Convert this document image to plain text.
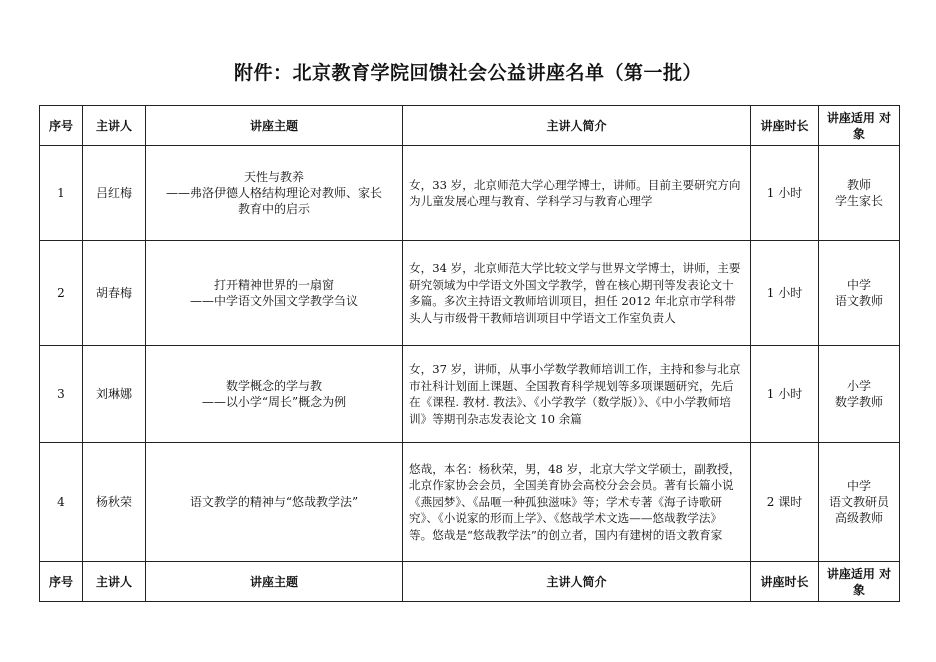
附件：北京教育学院回馈社会公益讲座名单（第一批）
序号	主讲人	讲座主题	主讲人简介	讲座时长	讲座适用 对象
1	吕红梅	天性与教养
——弗洛伊德人格结构理论对教师、家长
教育中的启示	女，33 岁，北京师范大学心理学博士，讲师。目前主要研究方向为儿童发展心理与教育、学科学习与教育心理学	1 小时	教师
学生家长

2	胡春梅	打开精神世界的一扇窗
——中学语文外国文学教学刍议	女，34 岁，北京师范大学比较文学与世界文学博士，讲师，主要研究领域为中学语文外国文学教学，曾在核心期刊等发表论文十多篇。多次主持语文教师培训项目，担任 2012 年北京市学科带头人与市级骨干教师培训项目中学语文工作室负责人	1 小时	中学
语文教师

3	刘琳娜	数学概念的学与教
——以小学“周长”概念为例	女，37 岁，讲师，从事小学数学教师培训工作，主持和参与北京市社科计划面上课题、全国教育科学规划等多项课题研究，先后在《课程. 教材. 教法》、《小学教学（数学版）》、《中小学教师培训》等期刊杂志发表论文 10 余篇	1 小时	小学
数学教师

4	杨秋荣	语文教学的精神与“悠哉教学法”	悠哉，本名：杨秋荣，男，48 岁，北京大学文学硕士，副教授，北京作家协会会员，全国美育协会高校分会会员。著有长篇小说《燕园梦》、《品咂一种孤独滋味》等；学术专著《海子诗歌研究》、《小说家的形而上学》、《悠哉学术文选——悠哉教学法》等。悠哉是“悠哉教学法”的创立者，国内有建树的语文教育家	2 课时	中学
语文教研员
高级教师

序号	主讲人	讲座主题	主讲人简介	讲座时长	讲座适用 对象
